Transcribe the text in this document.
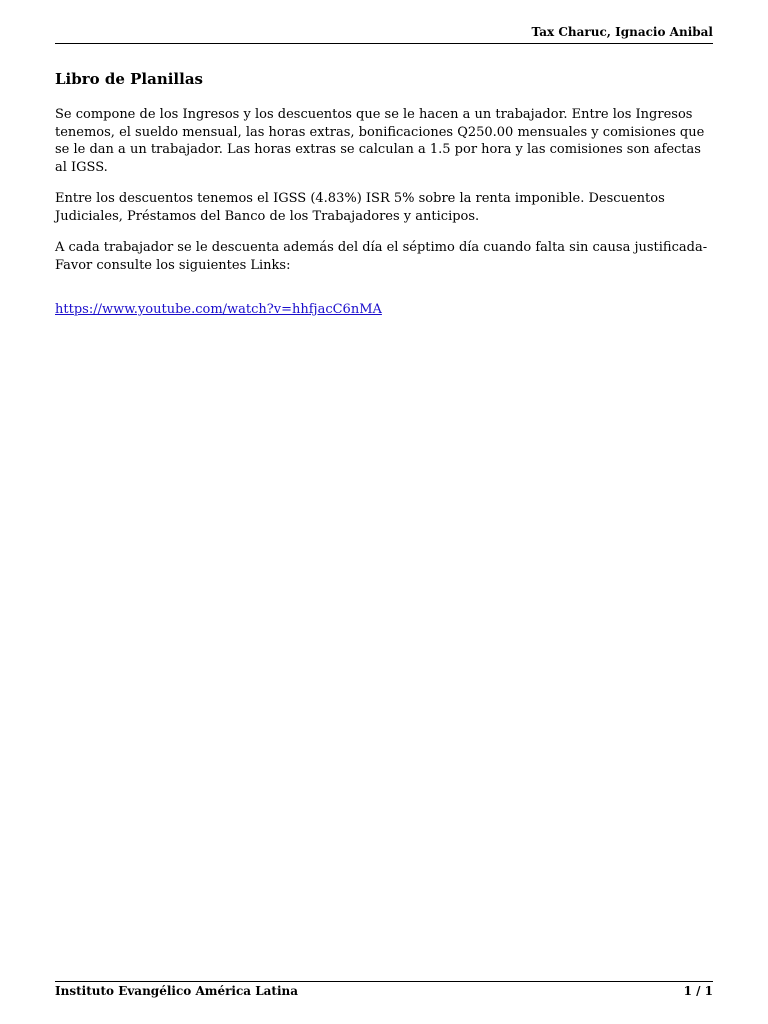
Tax Charuc, Ignacio Anibal
Libro de Planillas

Se compone de los Ingresos y los descuentos que se le hacen a un trabajador. Entre los Ingresos tenemos, el sueldo mensual, las horas extras, bonificaciones Q250.00 mensuales y comisiones que se le dan a un trabajador. Las horas extras se calculan a 1.5 por hora y las comisiones son afectas al IGSS.

Entre los descuentos tenemos el IGSS (4.83%) ISR 5% sobre la renta imponible. Descuentos Judiciales, Préstamos del Banco de los Trabajadores y anticipos.

A cada trabajador se le descuenta además del día el séptimo día cuando falta sin causa justificada- Favor consulte los siguientes Links:

https://www.youtube.com/watch?v=hhfjacC6nMA
Instituto Evangélico América Latina	1 / 1
